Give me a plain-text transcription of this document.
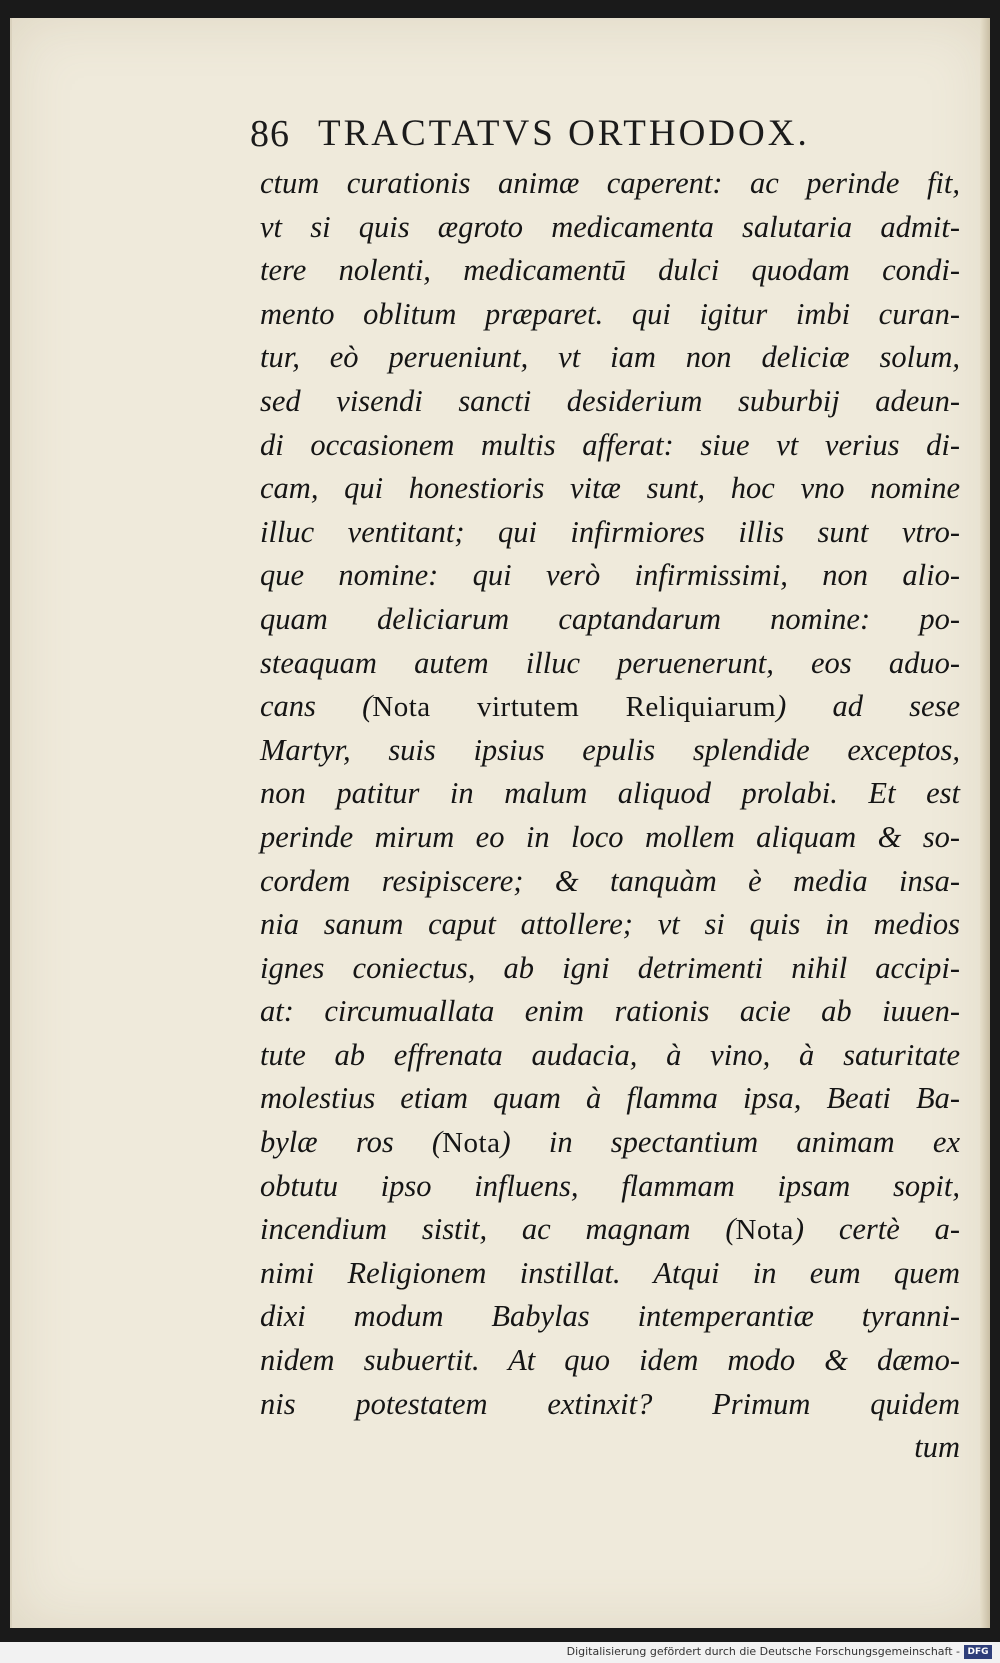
86 TRACTATVS ORTHODOX.
ctum curationis animæ caperent: ac perinde fit,
vt si quis ægroto medicamenta salutaria admit-
tere nolenti, medicamentū dulci quodam condi-
mento oblitum præparet. qui igitur imbi curan-
tur, eò perueniunt, vt iam non deliciæ solum,
sed visendi sancti desiderium suburbij adeun-
di occasionem multis afferat: siue vt verius di-
cam, qui honestioris vitæ sunt, hoc vno nomine
illuc ventitant; qui infirmiores illis sunt vtro-
que nomine: qui verò infirmissimi, non alio-
quam deliciarum captandarum nomine: po-
steaquam autem illuc peruenerunt, eos aduo-
cans (Nota virtutem Reliquiarum) ad sese
Martyr, suis ipsius epulis splendide exceptos,
non patitur in malum aliquod prolabi. Et est
perinde mirum eo in loco mollem aliquam & so-
cordem resipiscere; & tanquàm è media insa-
nia sanum caput attollere; vt si quis in medios
ignes coniectus, ab igni detrimenti nihil accipi-
at: circumuallata enim rationis acie ab iuuen-
tute ab effrenata audacia, à vino, à saturitate
molestius etiam quam à flamma ipsa, Beati Ba-
bylæ ros (Nota) in spectantium animam ex
obtutu ipso influens, flammam ipsam sopit,
incendium sistit, ac magnam (Nota) certè a-
nimi Religionem instillat. Atqui in eum quem
dixi modum Babylas intemperantiæ tyranni-
nidem subuertit. At quo idem modo & dæmo-
nis potestatem extinxit? Primum quidem
tum
Digitalisierung gefördert durch die Deutsche Forschungsgemeinschaft - DFG
